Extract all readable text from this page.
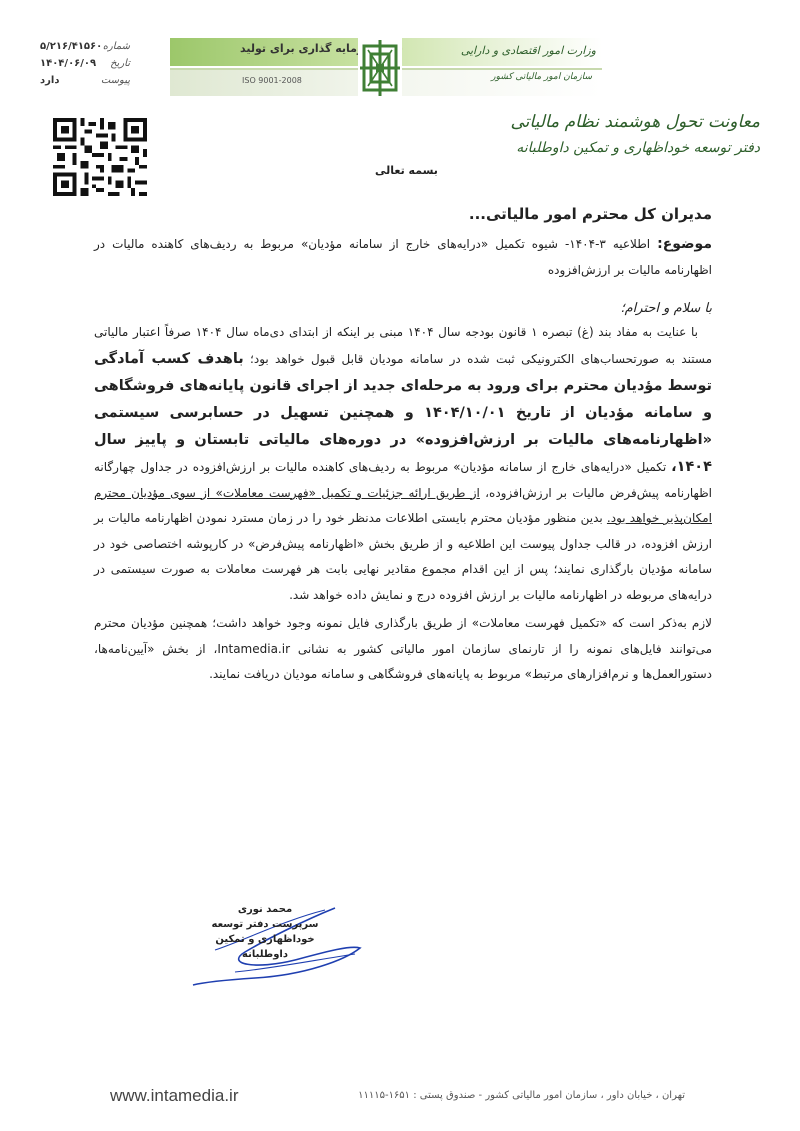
شماره
۵/۲۱۶/۴۱۵۶۰
تاریخ
۱۴۰۴/۰۶/۰۹
پیوست
دارد
سال سرمایه گذاری برای تولید
ISO 9001-2008
وزارت امور اقتصادی و دارایی
سازمان امور مالیاتی کشور
معاونت تحول هوشمند نظام مالیاتی
دفتر توسعه خوداظهاری و تمکین داوطلبانه
بسمه تعالی
مدیران کل محترم امور مالیاتی...

موضوع: اطلاعیه ۳-۱۴۰۴- شیوه تکمیل «درایه‌های خارج از سامانه مؤدیان» مربوط به ردیف‌های کاهنده مالیات در اظهارنامه مالیات بر ارزش‌افزوده

با سلام و احترام؛

با عنایت به مفاد بند (غ) تبصره ۱ قانون بودجه سال ۱۴۰۴ مبنی بر اینکه از ابتدای دی‌ماه سال ۱۴۰۴ صرفاً اعتبار مالیاتی مستند به صورتحساب‌های الکترونیکی ثبت شده در سامانه مودیان قابل قبول خواهد بود؛ باهدف کسب آمادگی توسط مؤدیان محترم برای ورود به مرحله‌ای جدید از اجرای قانون پایانه‌های فروشگاهی و سامانه مؤدیان از تاریخ ۱۴۰۴/۱۰/۰۱ و همچنین تسهیل در حسابرسی سیستمی «اظهارنامه‌های مالیات بر ارزش‌افزوده» در دوره‌های مالیاتی تابستان و پاییز سال ۱۴۰۴، تکمیل «درایه‌های خارج از سامانه مؤدیان» مربوط به ردیف‌های کاهنده مالیات بر ارزش‌افزوده در جداول چهارگانه اظهارنامه پیش‌فرض مالیات بر ارزش‌افزوده، از طریق ارائه جزئیات و تکمیل «فهرست معاملات» از سوی مؤدیان محترم امکان‌پذیر خواهد بود. بدین منظور مؤدیان محترم بایستی اطلاعات مدنظر خود را در زمان مسترد نمودن اظهارنامه مالیات بر ارزش افزوده، در قالب جداول پیوست این اطلاعیه و از طریق بخش «اظهارنامه پیش‌فرض» در کارپوشه اختصاصی خود در سامانه مؤدیان بارگذاری نمایند؛ پس از این اقدام مجموع مقادیر نهایی بابت هر فهرست معاملات به صورت سیستمی در درایه‌های مربوطه در اظهارنامه مالیات بر ارزش افزوده درج و نمایش داده خواهد شد.

لازم به‌ذکر است که «تکمیل فهرست معاملات» از طریق بارگذاری فایل نمونه وجود خواهد داشت؛ همچنین مؤدیان محترم می‌توانند فایل‌های نمونه را از تارنمای سازمان امور مالیاتی کشور به نشانی Intamedia.ir، از بخش «آیین‌نامه‌ها، دستورالعمل‌ها و نرم‌افزارهای مرتبط» مربوط به پایانه‌های فروشگاهی و سامانه مودیان دریافت نمایند.

محمد نوری
سرپرست دفتر توسعه خوداظهاری و تمکین
داوطلبانه
www.intamedia.ir	تهران ، خیابان داور ، سازمان امور مالیاتی کشور - صندوق پستی : ۱۶۵۱-۱۱۱۱۵
